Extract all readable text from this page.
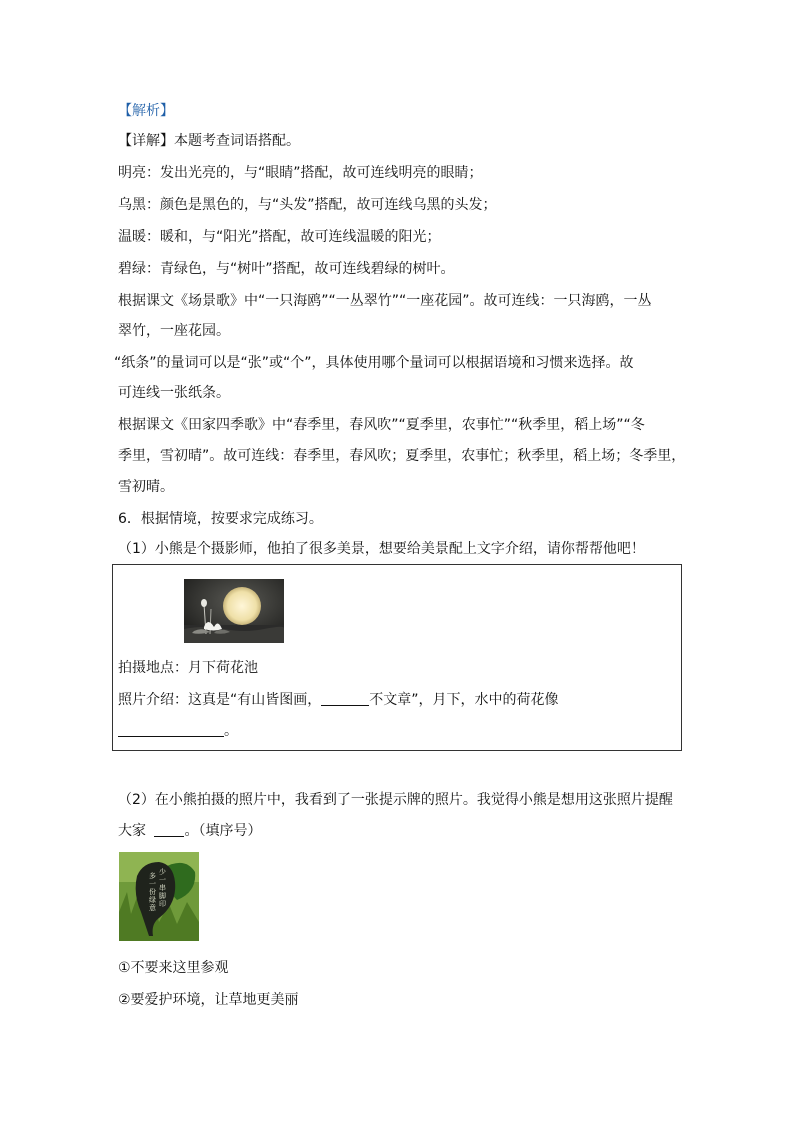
【解析】
【详解】本题考查词语搭配。
明亮：发出光亮的，与“眼睛”搭配，故可连线明亮的眼睛；
乌黑：颜色是黑色的，与“头发”搭配，故可连线乌黑的头发；
温暖：暖和，与“阳光”搭配，故可连线温暖的阳光；
碧绿：青绿色，与“树叶”搭配，故可连线碧绿的树叶。
根据课文《场景歌》中“一只海鸥”“一丛翠竹”“一座花园”。故可连线：一只海鸥，一丛
翠竹，一座花园。
“纸条”的量词可以是“张”或“个”，具体使用哪个量词可以根据语境和习惯来选择。故
可连线一张纸条。
根据课文《田家四季歌》中“春季里，春风吹”“夏季里，农事忙”“秋季里，稻上场”“冬
季里，雪初晴”。故可连线：春季里，春风吹；夏季里，农事忙；秋季里，稻上场；冬季里，
雪初晴。
6．根据情境，按要求完成练习。
（1）小熊是个摄影师，他拍了很多美景，想要给美景配上文字介绍，请你帮帮他吧！
拍摄地点：月下荷花池
照片介绍：这真是“有山皆图画，	不文章”，月下，水中的荷花像
。
（2）在小熊拍摄的照片中，我看到了一张提示牌的照片。我觉得小熊是想用这张照片提醒
大家	。（填序号）
少一串脚印
多一份绿意
①不要来这里参观
②要爱护环境，让草地更美丽
